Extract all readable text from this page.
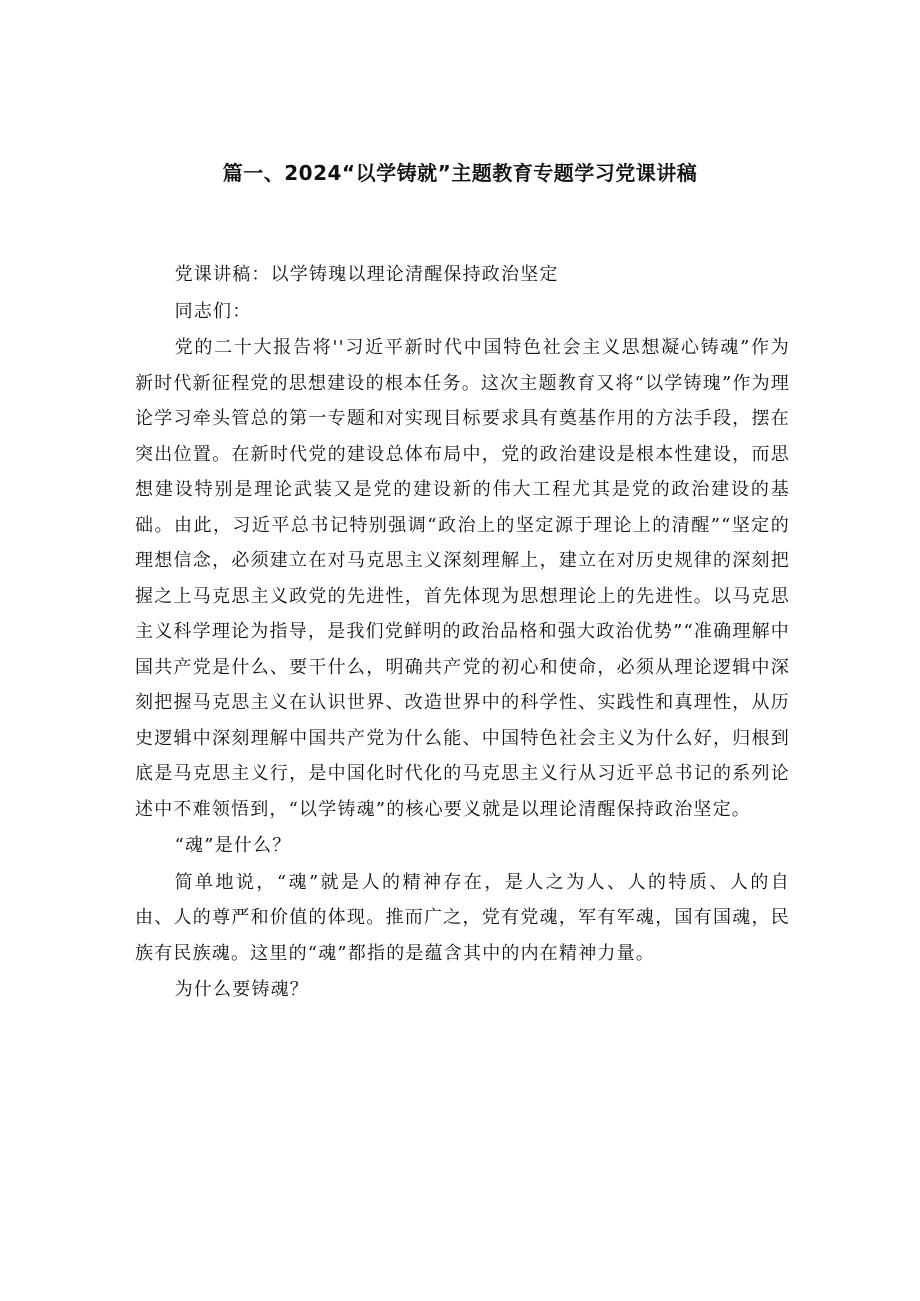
篇一、2024“以学铸就”主题教育专题学习党课讲稿

党课讲稿：以学铸瑰以理论清醒保持政治坚定

同志们：

党的二十大报告将''习近平新时代中国特色社会主义思想凝心铸魂”作为新时代新征程党的思想建设的根本任务。这次主题教育又将“以学铸瑰”作为理论学习牵头管总的第一专题和对实现目标要求具有奠基作用的方法手段，摆在突出位置。在新时代党的建设总体布局中，党的政治建设是根本性建设，而思想建设特别是理论武装又是党的建设新的伟大工程尤其是党的政治建设的基础。由此，习近平总书记特别强调“政治上的坚定源于理论上的清醒”“坚定的理想信念，必须建立在对马克思主义深刻理解上，建立在对历史规律的深刻把握之上马克思主义政党的先进性，首先体现为思想理论上的先进性。以马克思主义科学理论为指导，是我们党鲜明的政治品格和强大政治优势”“准确理解中国共产党是什么、要干什么，明确共产党的初心和使命，必须从理论逻辑中深刻把握马克思主义在认识世界、改造世界中的科学性、实践性和真理性，从历史逻辑中深刻理解中国共产党为什么能、中国特色社会主义为什么好，归根到底是马克思主义行，是中国化时代化的马克思主义行从习近平总书记的系列论述中不难领悟到，“以学铸魂”的核心要义就是以理论清醒保持政治坚定。

“魂”是什么？

简单地说，“魂”就是人的精神存在，是人之为人、人的特质、人的自由、人的尊严和价值的体现。推而广之，党有党魂，军有军魂，国有国魂，民族有民族魂。这里的“魂”都指的是蕴含其中的内在精神力量。

为什么要铸魂？
